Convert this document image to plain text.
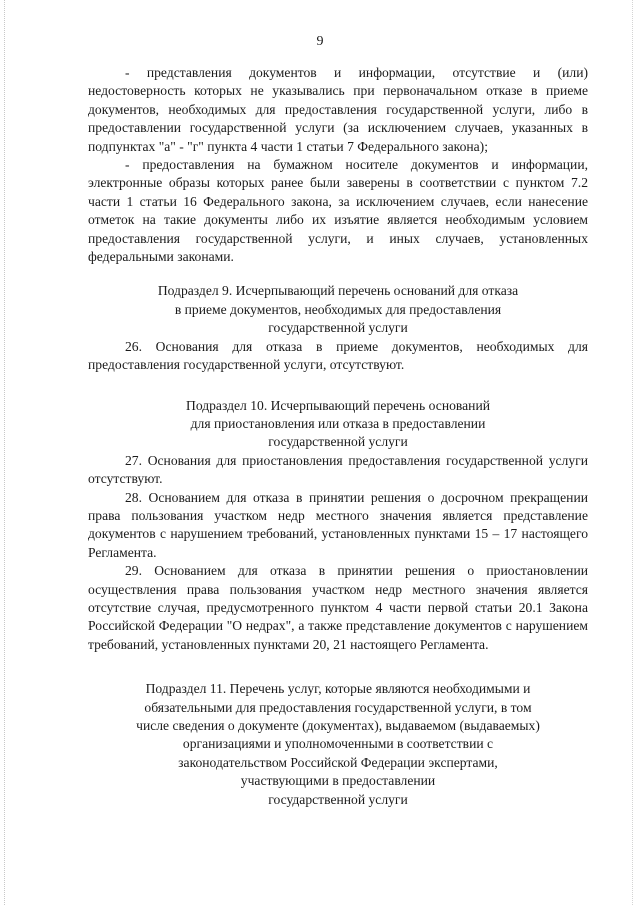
9

- представления документов и информации, отсутствие и (или) недостоверность которых не указывались при первоначальном отказе в приеме документов, необходимых для предоставления государственной услуги, либо в предоставлении государственной услуги (за исключением случаев, указанных в подпунктах "а" - "г" пункта 4 части 1 статьи 7 Федерального закона);

- предоставления на бумажном носителе документов и информации, электронные образы которых ранее были заверены в соответствии с пунктом 7.2 части 1 статьи 16 Федерального закона, за исключением случаев, если нанесение отметок на такие документы либо их изъятие является необходимым условием предоставления государственной услуги, и иных случаев, установленных федеральными законами.

Подраздел 9. Исчерпывающий перечень оснований для отказа
в приеме документов, необходимых для предоставления
государственной услуги

26. Основания для отказа в приеме документов, необходимых для предоставления государственной услуги, отсутствуют.

Подраздел 10. Исчерпывающий перечень оснований
для приостановления или отказа в предоставлении
государственной услуги

27. Основания для приостановления предоставления государственной услуги отсутствуют.

28. Основанием для отказа в принятии решения о досрочном прекращении права пользования участком недр местного значения является представление документов с нарушением требований, установленных пунктами 15 – 17 настоящего Регламента.

29. Основанием для отказа в принятии решения о приостановлении осуществления права пользования участком недр местного значения является отсутствие случая, предусмотренного пунктом 4 части первой статьи 20.1 Закона Российской Федерации "О недрах", а также представление документов с нарушением требований, установленных пунктами 20, 21 настоящего Регламента.

Подраздел 11. Перечень услуг, которые являются необходимыми и
обязательными для предоставления государственной услуги, в том
числе сведения о документе (документах), выдаваемом (выдаваемых)
организациями и уполномоченными в соответствии с
законодательством Российской Федерации экспертами,
участвующими в предоставлении
государственной услуги
